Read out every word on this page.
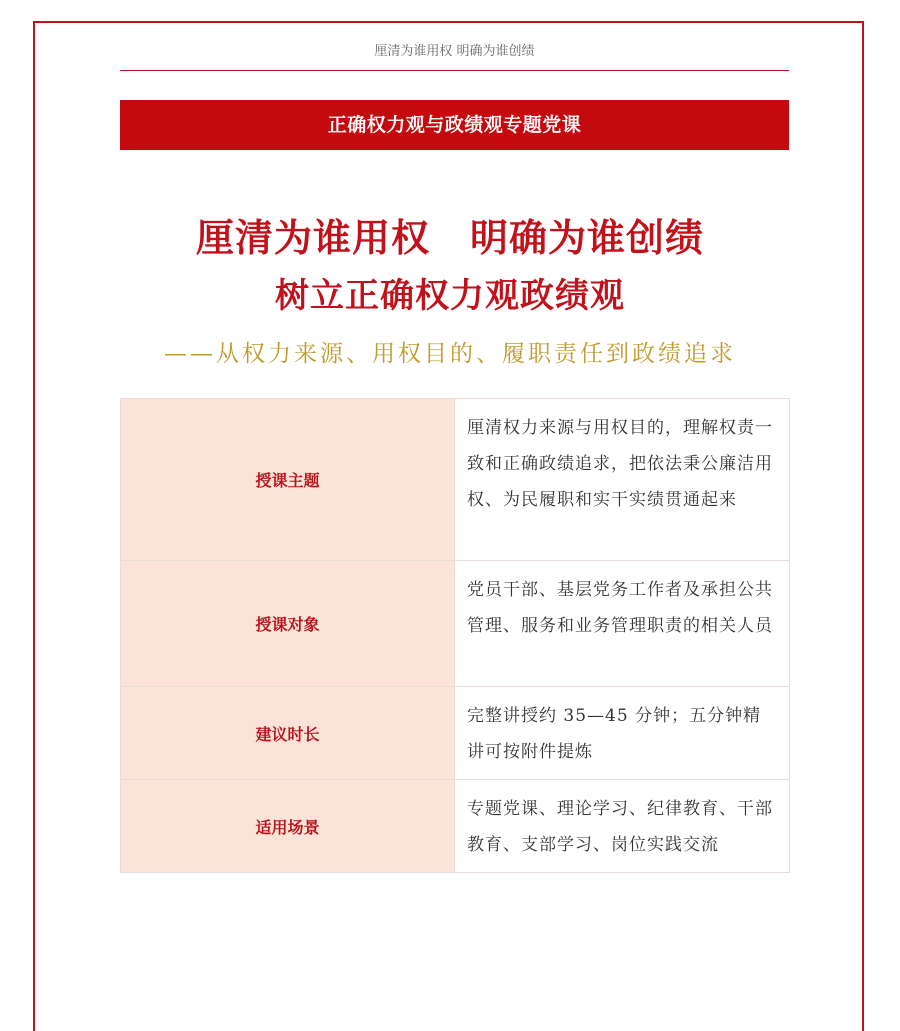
厘清为谁用权 明确为谁创绩
正确权力观与政绩观专题党课
厘清为谁用权 明确为谁创绩
树立正确权力观政绩观
——从权力来源、用权目的、履职责任到政绩追求
授课主题	厘清权力来源与用权目的，理解权责一致和正确政绩追求，把依法秉公廉洁用权、为民履职和实干实绩贯通起来
授课对象	党员干部、基层党务工作者及承担公共管理、服务和业务管理职责的相关人员
建议时长	完整讲授约 35—45 分钟；五分钟精讲可按附件提炼
适用场景	专题党课、理论学习、纪律教育、干部教育、支部学习、岗位实践交流
